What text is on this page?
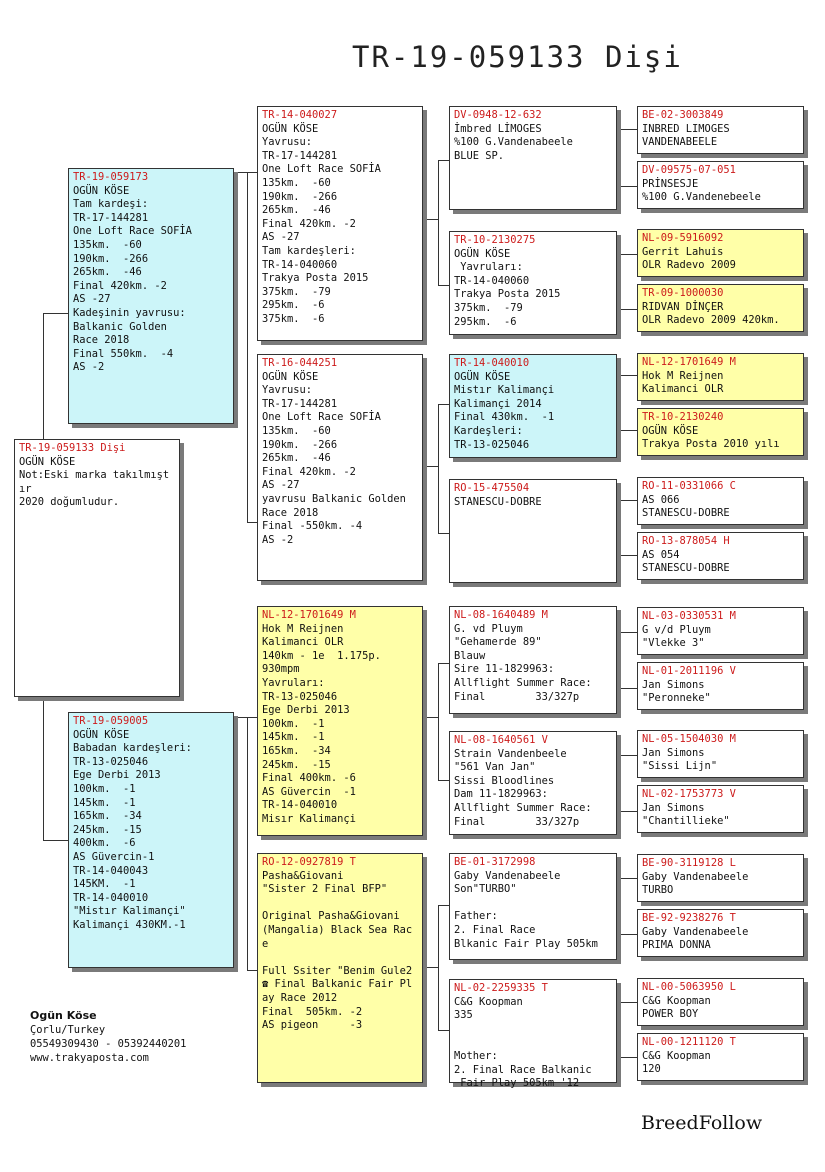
TR-19-059133 Dişi
TR-19-059133 Dişi
OGÜN KÖSE
Not:Eski marka takılmıştır
2020 doğumludur.
TR-19-059173
OGÜN KÖSE
Tam kardeşi:
TR-17-144281
One Loft Race SOFİA
135km.  -60
190km.  -266
265km.  -46
Final 420km. -2
AS -27
Kadeşinin yavrusu:
Balkanic Golden
Race 2018
Final 550km.  -4
AS -2
TR-19-059005
OGÜN KÖSE
Babadan kardeşleri:
TR-13-025046
Ege Derbi 2013
100km.  -1
145km.  -1
165km.  -34
245km.  -15
400km.  -6
AS Güvercin-1
TR-14-040043
145KM.  -1
TR-14-040010
"Mistır Kalimançi"
Kalimançi 430KM.-1
TR-14-040027
OGÜN KÖSE
Yavrusu:
TR-17-144281
One Loft Race SOFİA
135km.  -60
190km.  -266
265km.  -46
Final 420km. -2
AS -27
Tam kardeşleri:
TR-14-040060
Trakya Posta 2015
375km.  -79
295km.  -6
375km.  -6
TR-16-044251
OGÜN KÖSE
Yavrusu:
TR-17-144281
One Loft Race SOFİA
135km.  -60
190km.  -266
265km.  -46
Final 420km. -2
AS -27
yavrusu Balkanic Golden Race 2018
Final -550km. -4
AS -2
NL-12-1701649 M
Hok M Reijnen
Kalimanci OLR
140km - 1e  1.175p.
930mpm
Yavruları:
TR-13-025046
Ege Derbi 2013
100km.  -1
145km.  -1
165km.  -34
245km.  -15
Final 400km. -6
AS Güvercin  -1
TR-14-040010
Misır Kalimançi
RO-12-0927819 T
Pasha&Giovani
"Sister 2 Final BFP"

Original Pasha&Giovani (Mangalia) Black Sea Race

Full Ssiter "Benim Gule2☎ Final Balkanic Fair Play Race 2012
Final  505km. -2
AS pigeon     -3
DV-0948-12-632
İmbred LİMOGES
%100 G.Vandenabeele
BLUE SP.
TR-10-2130275
OGÜN KÖSE
Yavruları:
TR-14-040060
Trakya Posta 2015
375km.  -79
295km.  -6
TR-14-040010
OGÜN KÖSE
Mistır Kalimançi
Kalimançi 2014
Final 430km.  -1
Kardeşleri:
TR-13-025046
RO-15-475504
STANESCU-DOBRE
NL-08-1640489 M
G. vd Pluym
"Gehamerde 89"
Blauw
Sire 11-1829963:
Allflight Summer Race:
Final        33/327p
NL-08-1640561 V
Strain Vandenbeele
"561 Van Jan"
Sissi Bloodlines
Dam 11-1829963:
Allflight Summer Race:
Final        33/327p
BE-01-3172998
Gaby Vandenabeele
Son"TURBO"

Father:
2. Final Race
Blkanic Fair Play 505km
NL-02-2259335 T
C&G Koopman
335

Mother:
2. Final Race Balkanic
Fair Play 505km '12
BE-02-3003849
INBRED LIMOGES
VANDENABEELE
DV-09575-07-051
PRİNSESJE
%100 G.Vandenebeele
NL-09-5916092
Gerrit Lahuis
OLR Radevo 2009
TR-09-1000030
RIDVAN DİNÇER
OLR Radevo 2009 420km.
NL-12-1701649 M
Hok M Reijnen
Kalimanci OLR
TR-10-2130240
OGÜN KÖSE
Trakya Posta 2010 yılı
RO-11-0331066 C
AS 066
STANESCU-DOBRE
RO-13-878054 H
AS 054
STANESCU-DOBRE
NL-03-0330531 M
G v/d Pluym
"Vlekke 3"
NL-01-2011196 V
Jan Simons
"Peronneke"
NL-05-1504030 M
Jan Simons
"Sissi Lijn"
NL-02-1753773 V
Jan Simons
"Chantillieke"
BE-90-3119128 L
Gaby Vandenabeele
TURBO
BE-92-9238276 T
Gaby Vandenabeele
PRIMA DONNA
NL-00-5063950 L
C&G Koopman
POWER BOY
NL-00-1211120 T
C&G Koopman
120
Ogün Köse
Çorlu/Turkey
05549309430 - 05392440201
www.trakyaposta.com
BreedFollow
